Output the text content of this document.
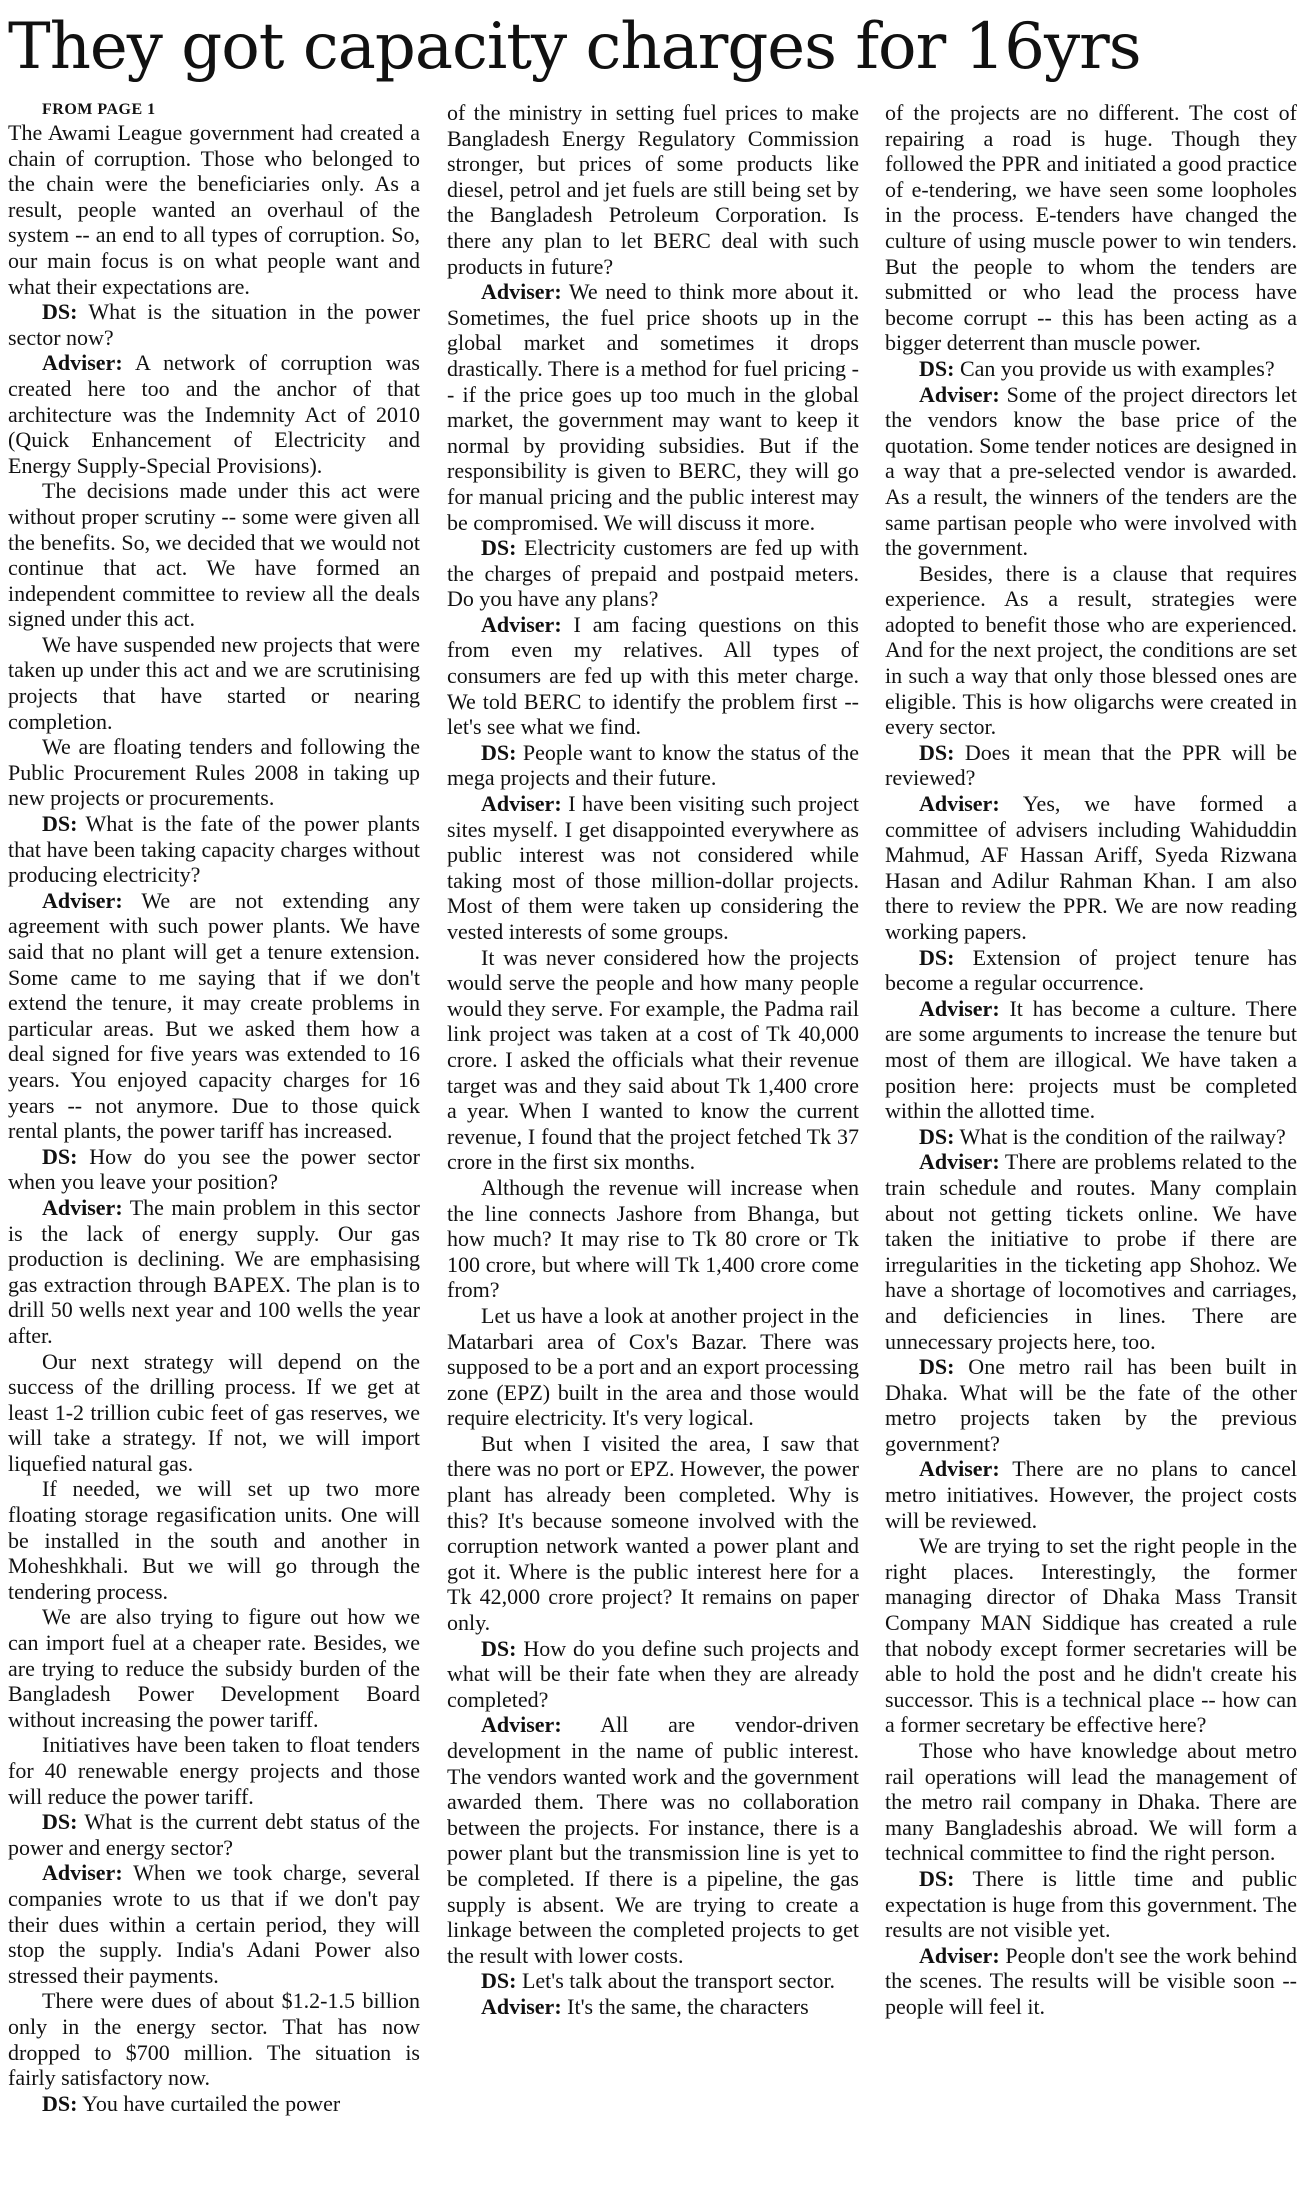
They got capacity charges for 16yrs

FROM PAGE 1

The Awami League government had created a chain of corruption. Those who belonged to the chain were the beneficiaries only. As a result, people wanted an overhaul of the system -- an end to all types of corruption. So, our main focus is on what people want and what their expectations are.

DS: What is the situation in the power sector now?

Adviser: A network of corruption was created here too and the anchor of that architecture was the Indemnity Act of 2010 (Quick Enhancement of Electricity and Energy Supply-Special Provisions).

The decisions made under this act were without proper scrutiny -- some were given all the benefits. So, we decided that we would not continue that act. We have formed an independent committee to review all the deals signed under this act.

We have suspended new projects that were taken up under this act and we are scrutinising projects that have started or nearing completion.

We are floating tenders and following the Public Procurement Rules 2008 in taking up new projects or procurements.

DS: What is the fate of the power plants that have been taking capacity charges without producing electricity?

Adviser: We are not extending any agreement with such power plants. We have said that no plant will get a tenure extension. Some came to me saying that if we don't extend the tenure, it may create problems in particular areas. But we asked them how a deal signed for five years was extended to 16 years. You enjoyed capacity charges for 16 years -- not anymore. Due to those quick rental plants, the power tariff has increased.

DS: How do you see the power sector when you leave your position?

Adviser: The main problem in this sector is the lack of energy supply. Our gas production is declining. We are emphasising gas extraction through BAPEX. The plan is to drill 50 wells next year and 100 wells the year after.

Our next strategy will depend on the success of the drilling process. If we get at least 1-2 trillion cubic feet of gas reserves, we will take a strategy. If not, we will import liquefied natural gas.

If needed, we will set up two more floating storage regasification units. One will be installed in the south and another in Moheshkhali. But we will go through the tendering process.

We are also trying to figure out how we can import fuel at a cheaper rate. Besides, we are trying to reduce the subsidy burden of the Bangladesh Power Development Board without increasing the power tariff.

Initiatives have been taken to float tenders for 40 renewable energy projects and those will reduce the power tariff.

DS: What is the current debt status of the power and energy sector?

Adviser: When we took charge, several companies wrote to us that if we don't pay their dues within a certain period, they will stop the supply. India's Adani Power also stressed their payments.

There were dues of about $1.2-1.5 billion only in the energy sector. That has now dropped to $700 million. The situation is fairly satisfactory now.

DS: You have curtailed the power

of the ministry in setting fuel prices to make Bangladesh Energy Regulatory Commission stronger, but prices of some products like diesel, petrol and jet fuels are still being set by the Bangladesh Petroleum Corporation. Is there any plan to let BERC deal with such products in future?

Adviser: We need to think more about it. Sometimes, the fuel price shoots up in the global market and sometimes it drops drastically. There is a method for fuel pricing -- if the price goes up too much in the global market, the government may want to keep it normal by providing subsidies. But if the responsibility is given to BERC, they will go for manual pricing and the public interest may be compromised. We will discuss it more.

DS: Electricity customers are fed up with the charges of prepaid and postpaid meters. Do you have any plans?

Adviser: I am facing questions on this from even my relatives. All types of consumers are fed up with this meter charge. We told BERC to identify the problem first -- let's see what we find.

DS: People want to know the status of the mega projects and their future.

Adviser: I have been visiting such project sites myself. I get disappointed everywhere as public interest was not considered while taking most of those million-dollar projects. Most of them were taken up considering the vested interests of some groups.

It was never considered how the projects would serve the people and how many people would they serve. For example, the Padma rail link project was taken at a cost of Tk 40,000 crore. I asked the officials what their revenue target was and they said about Tk 1,400 crore a year. When I wanted to know the current revenue, I found that the project fetched Tk 37 crore in the first six months.

Although the revenue will increase when the line connects Jashore from Bhanga, but how much? It may rise to Tk 80 crore or Tk 100 crore, but where will Tk 1,400 crore come from?

Let us have a look at another project in the Matarbari area of Cox's Bazar. There was supposed to be a port and an export processing zone (EPZ) built in the area and those would require electricity. It's very logical.

But when I visited the area, I saw that there was no port or EPZ. However, the power plant has already been completed. Why is this? It's because someone involved with the corruption network wanted a power plant and got it. Where is the public interest here for a Tk 42,000 crore project? It remains on paper only.

DS: How do you define such projects and what will be their fate when they are already completed?

Adviser: All are vendor-driven development in the name of public interest. The vendors wanted work and the government awarded them. There was no collaboration between the projects. For instance, there is a power plant but the transmission line is yet to be completed. If there is a pipeline, the gas supply is absent. We are trying to create a linkage between the completed projects to get the result with lower costs.

DS: Let's talk about the transport sector.

Adviser: It's the same, the characters

of the projects are no different. The cost of repairing a road is huge. Though they followed the PPR and initiated a good practice of e-tendering, we have seen some loopholes in the process. E-tenders have changed the culture of using muscle power to win tenders. But the people to whom the tenders are submitted or who lead the process have become corrupt -- this has been acting as a bigger deterrent than muscle power.

DS: Can you provide us with examples?

Adviser: Some of the project directors let the vendors know the base price of the quotation. Some tender notices are designed in a way that a pre-selected vendor is awarded. As a result, the winners of the tenders are the same partisan people who were involved with the government.

Besides, there is a clause that requires experience. As a result, strategies were adopted to benefit those who are experienced. And for the next project, the conditions are set in such a way that only those blessed ones are eligible. This is how oligarchs were created in every sector.

DS: Does it mean that the PPR will be reviewed?

Adviser: Yes, we have formed a committee of advisers including Wahiduddin Mahmud, AF Hassan Ariff, Syeda Rizwana Hasan and Adilur Rahman Khan. I am also there to review the PPR. We are now reading working papers.

DS: Extension of project tenure has become a regular occurrence.

Adviser: It has become a culture. There are some arguments to increase the tenure but most of them are illogical. We have taken a position here: projects must be completed within the allotted time.

DS: What is the condition of the railway?

Adviser: There are problems related to the train schedule and routes. Many complain about not getting tickets online. We have taken the initiative to probe if there are irregularities in the ticketing app Shohoz. We have a shortage of locomotives and carriages, and deficiencies in lines. There are unnecessary projects here, too.

DS: One metro rail has been built in Dhaka. What will be the fate of the other metro projects taken by the previous government?

Adviser: There are no plans to cancel metro initiatives. However, the project costs will be reviewed.

We are trying to set the right people in the right places. Interestingly, the former managing director of Dhaka Mass Transit Company MAN Siddique has created a rule that nobody except former secretaries will be able to hold the post and he didn't create his successor. This is a technical place -- how can a former secretary be effective here?

Those who have knowledge about metro rail operations will lead the management of the metro rail company in Dhaka. There are many Bangladeshis abroad. We will form a technical committee to find the right person.

DS: There is little time and public expectation is huge from this government. The results are not visible yet.

Adviser: People don't see the work behind the scenes. The results will be visible soon -- people will feel it.
